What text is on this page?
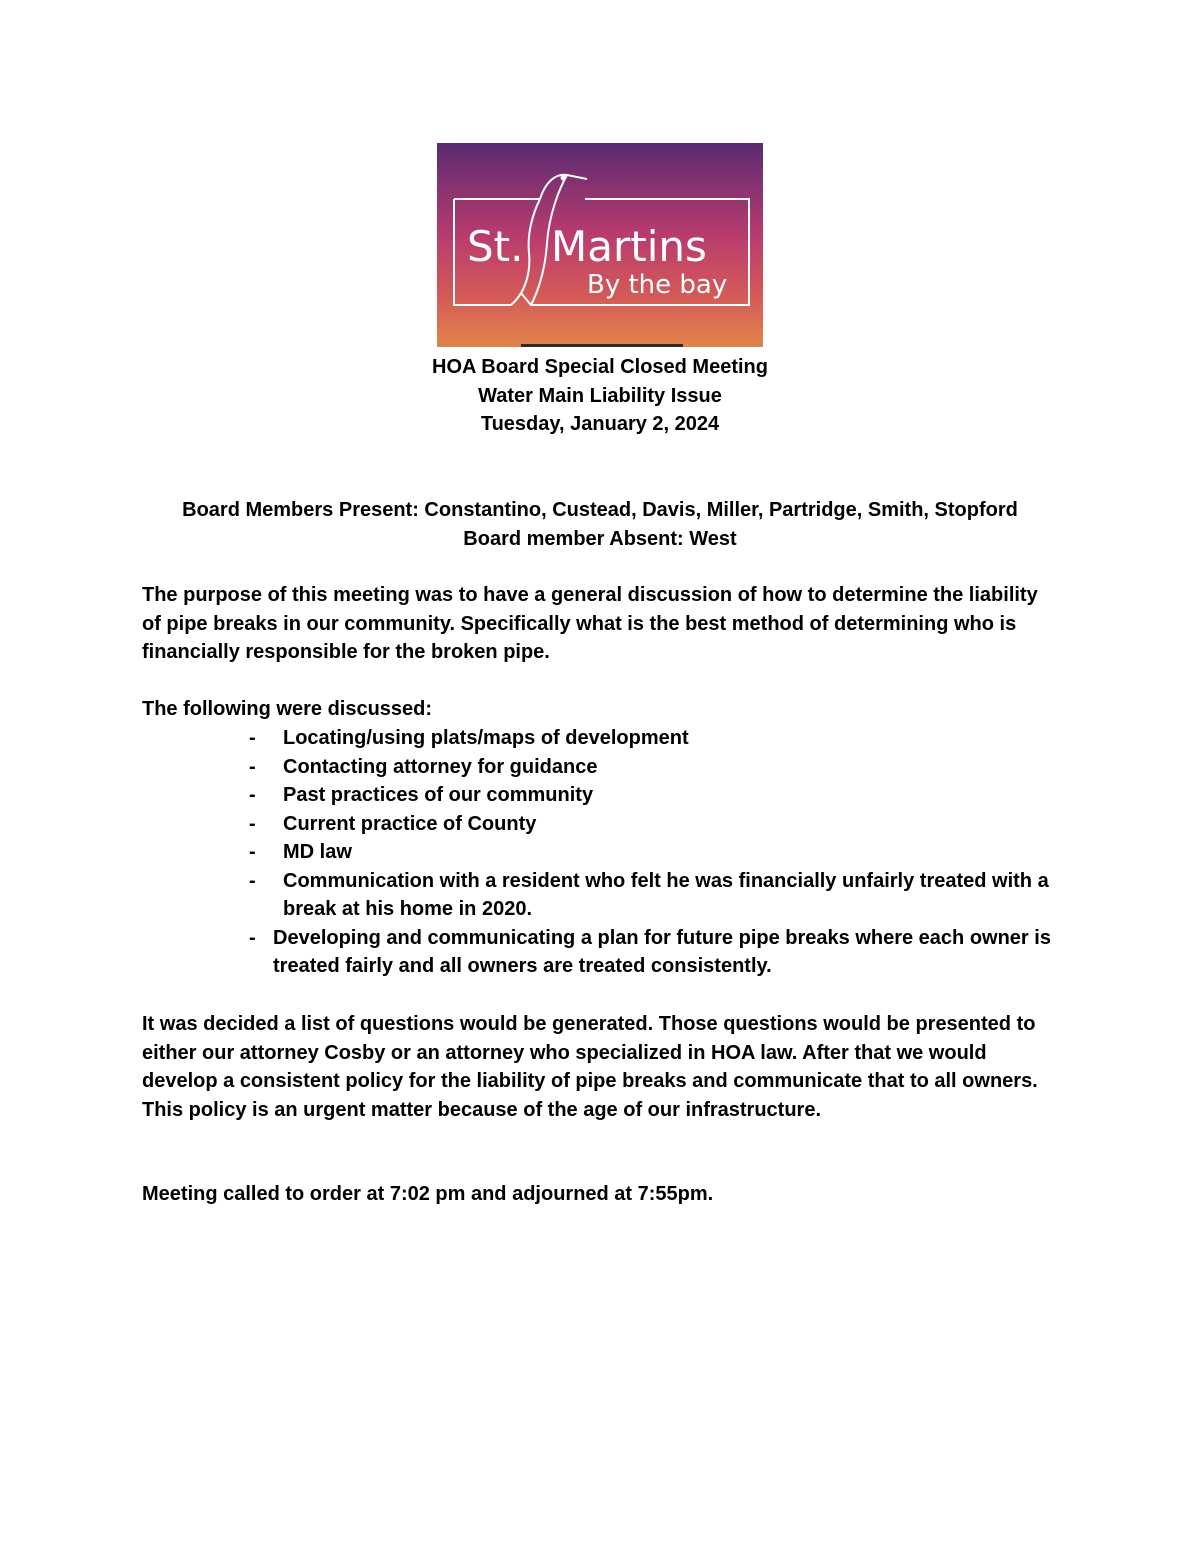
St. Martins
By the bay
HOA Board Special Closed Meeting
Water Main Liability Issue
Tuesday, January 2, 2024
Board Members Present: Constantino, Custead, Davis, Miller, Partridge, Smith, Stopford
Board member Absent: West

The purpose of this meeting was to have a general discussion of how to determine the liability of pipe breaks in our community. Specifically what is the best method of determining who is financially responsible for the broken pipe.

The following were discussed:

- Locating/using plats/maps of development
- Contacting attorney for guidance
- Past practices of our community
- Current practice of County
- MD law
- Communication with a resident who felt he was financially unfairly treated with a break at his home in 2020.
- Developing and communicating a plan for future pipe breaks where each owner is treated fairly and all owners are treated consistently.

It was decided a list of questions would be generated. Those questions would be presented to either our attorney Cosby or an attorney who specialized in HOA law. After that we would develop a consistent policy for the liability of pipe breaks and communicate that to all owners. This policy is an urgent matter because of the age of our infrastructure.

Meeting called to order at 7:02 pm and adjourned at 7:55pm.
